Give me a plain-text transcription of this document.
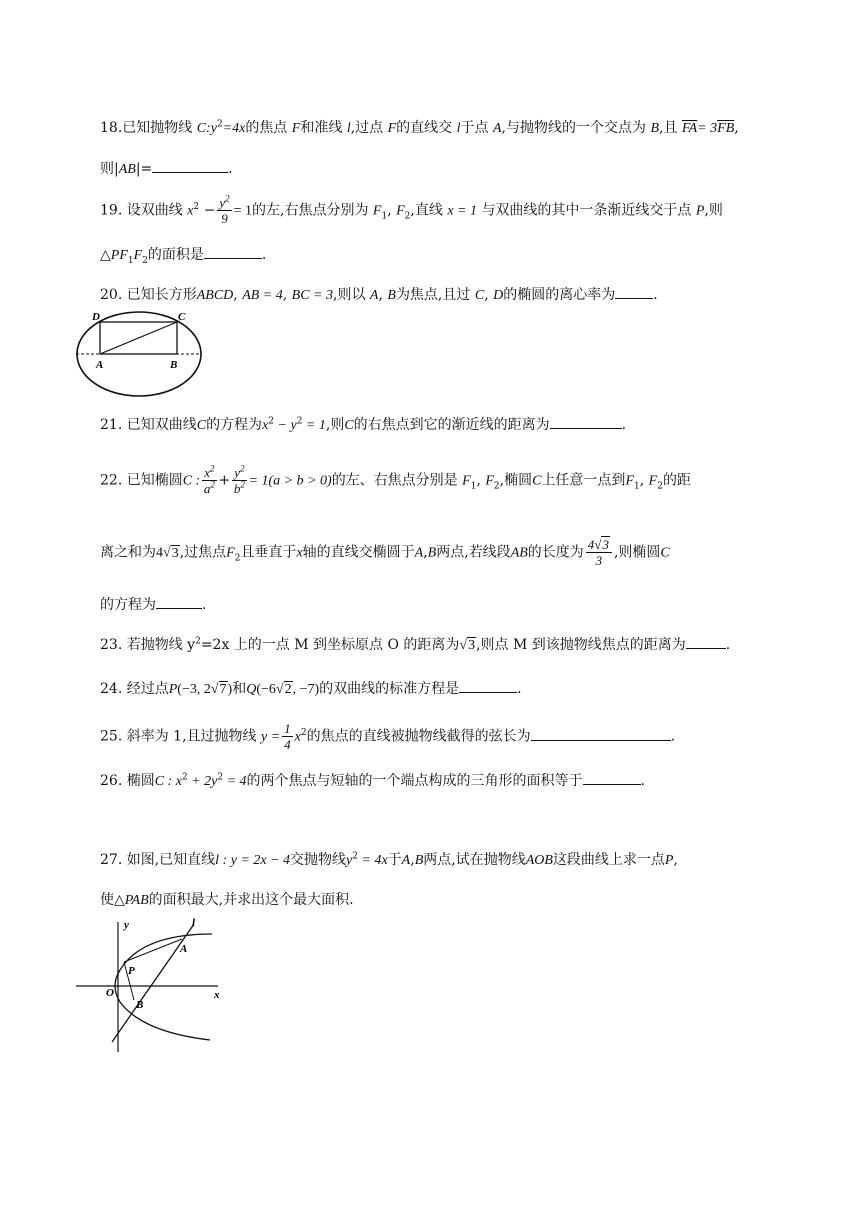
18.已知抛物线 $C:y^2=4x$的焦点 F和准线 l,过点 F的直线交 l于点 A,与抛物线的一个交点为 B,且 $\overline{FA}= 3\overline{FB}$,
则|AB|=	.
19. 设双曲线 $x^2 - \frac{y^2}{9} = 1$的左,右焦点分别为 $F_1$, $F_2$,直线 x = 1 与双曲线的其中一条渐近线交于点 P,则
$\triangle PF_1F_2$的面积是	.
20. 已知长方形ABCD, AB = 4, BC = 3,则以 A, B为焦点,且过 C, D的椭圆的离心率为	.
D	C
A	B
21. 已知双曲线C的方程为$x^2 - y^2 = 1$,则C的右焦点到它的渐近线的距离为	.
22. 已知椭圆C : $\frac{x^2}{a^2} + \frac{y^2}{b^2} = 1(a > b > 0)$的左、右焦点分别是 $F_1$, $F_2$,椭圆C上任意一点到$F_1$, $F_2$的距
离之和为4√3,过焦点$F_2$且垂直于x轴的直线交椭圆于A,B两点,若线段AB的长度为 $\frac{4√3}{3}$ ,则椭圆C
的方程为	.
23. 若抛物线 $y^2=2x$ 上的一点 M 到坐标原点 O 的距离为√3,则点 M 到该抛物线焦点的距离为	.
24. 经过点P(−3, 2√7)和Q(−6√2, −7)的双曲线的标准方程是	.
25. 斜率为 1,且过抛物线 $y = \frac{1}{4} x^2$的焦点的直线被抛物线截得的弦长为	.
26. 椭圆C : $x^2 + 2y^2 = 4$的两个焦点与短轴的一个端点构成的三角形的面积等于	.
27. 如图,已知直线l : y = 2x − 4交抛物线$y^2 = 4x$于A,B两点,试在抛物线AOB这段曲线上求一点P,
使△PAB的面积最大,并求出这个最大面积.
y	l
A
P
O	x
B
